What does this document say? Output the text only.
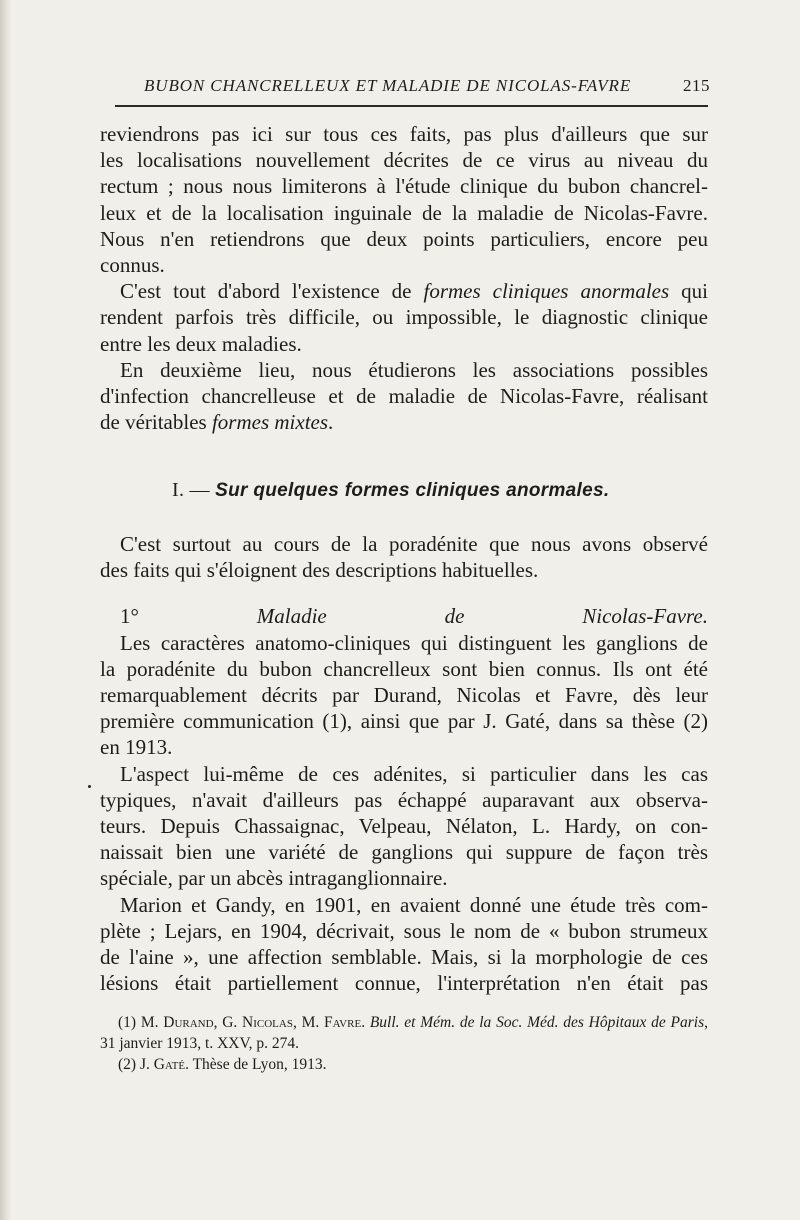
BUBON CHANCRELLEUX ET MALADIE DE NICOLAS-FAVRE	215

reviendrons pas ici sur tous ces faits, pas plus d'ailleurs que sur

les localisations nouvellement décrites de ce virus au niveau du

rectum ; nous nous limiterons à l'étude clinique du bubon chancrel-

leux et de la localisation inguinale de la maladie de Nicolas-Favre.

Nous n'en retiendrons que deux points particuliers, encore peu

connus.

C'est tout d'abord l'existence de formes cliniques anormales qui

rendent parfois très difficile, ou impossible, le diagnostic clinique

entre les deux maladies.

En deuxième lieu, nous étudierons les associations possibles

d'infection chancrelleuse et de maladie de Nicolas-Favre, réalisant

de véritables formes mixtes.

I. — Sur quelques formes cliniques anormales.

C'est surtout au cours de la poradénite que nous avons observé

des faits qui s'éloignent des descriptions habituelles.

1° Maladie de Nicolas-Favre.

Les caractères anatomo-cliniques qui distinguent les ganglions de

la poradénite du bubon chancrelleux sont bien connus. Ils ont été

remarquablement décrits par Durand, Nicolas et Favre, dès leur

première communication (1), ainsi que par J. Gaté, dans sa thèse (2)

en 1913.

L'aspect lui-même de ces adénites, si particulier dans les cas

typiques, n'avait d'ailleurs pas échappé auparavant aux observa-

teurs. Depuis Chassaignac, Velpeau, Nélaton, L. Hardy, on con-

naissait bien une variété de ganglions qui suppure de façon très

spéciale, par un abcès intraganglionnaire.

Marion et Gandy, en 1901, en avaient donné une étude très com-

plète ; Lejars, en 1904, décrivait, sous le nom de « bubon strumeux

de l'aine », une affection semblable. Mais, si la morphologie de ces

lésions était partiellement connue, l'interprétation n'en était pas

(1) M. Durand, G. Nicolas, M. Favre. Bull. et Mém. de la Soc. Méd. des Hôpitaux de Paris, 31 janvier 1913, t. XXV, p. 274.

(2) J. Gaté. Thèse de Lyon, 1913.
